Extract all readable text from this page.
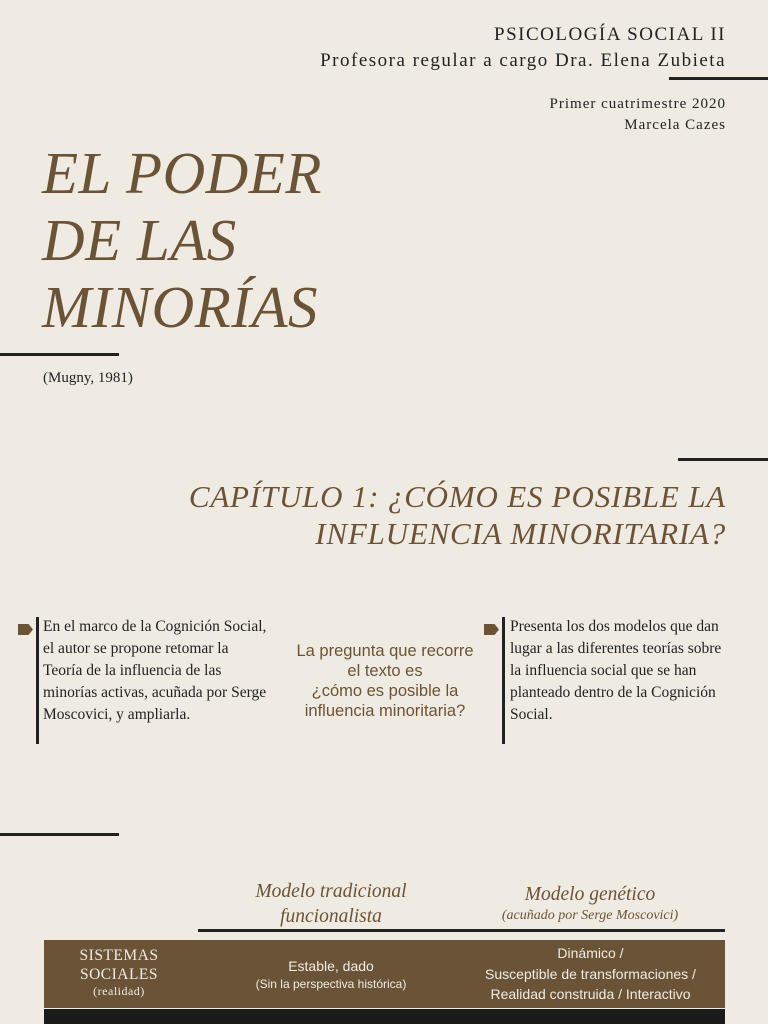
PSICOLOGÍA SOCIAL II
Profesora regular a cargo Dra. Elena Zubieta
Primer cuatrimestre 2020
Marcela Cazes
EL PODER
DE LAS
MINORÍAS
(Mugny, 1981)
CAPÍTULO 1: ¿CÓMO ES POSIBLE LA
INFLUENCIA MINORITARIA?
En el marco de la Cognición Social, el autor se propone retomar la Teoría de la influencia de las minorías activas, acuñada por Serge Moscovici, y ampliarla.
La pregunta que recorre
el texto es
¿cómo es posible la
influencia minoritaria?
Presenta los dos modelos que dan lugar a las diferentes teorías sobre la influencia social que se han planteado dentro de la Cognición Social.
Modelo tradicional
funcionalista
Modelo genético
(acuñado por Serge Moscovici)
SISTEMAS
SOCIALES
(realidad)
Estable, dado
(Sin la perspectiva histórica)
Dinámico /
Susceptible de transformaciones /
Realidad construida / Interactivo
